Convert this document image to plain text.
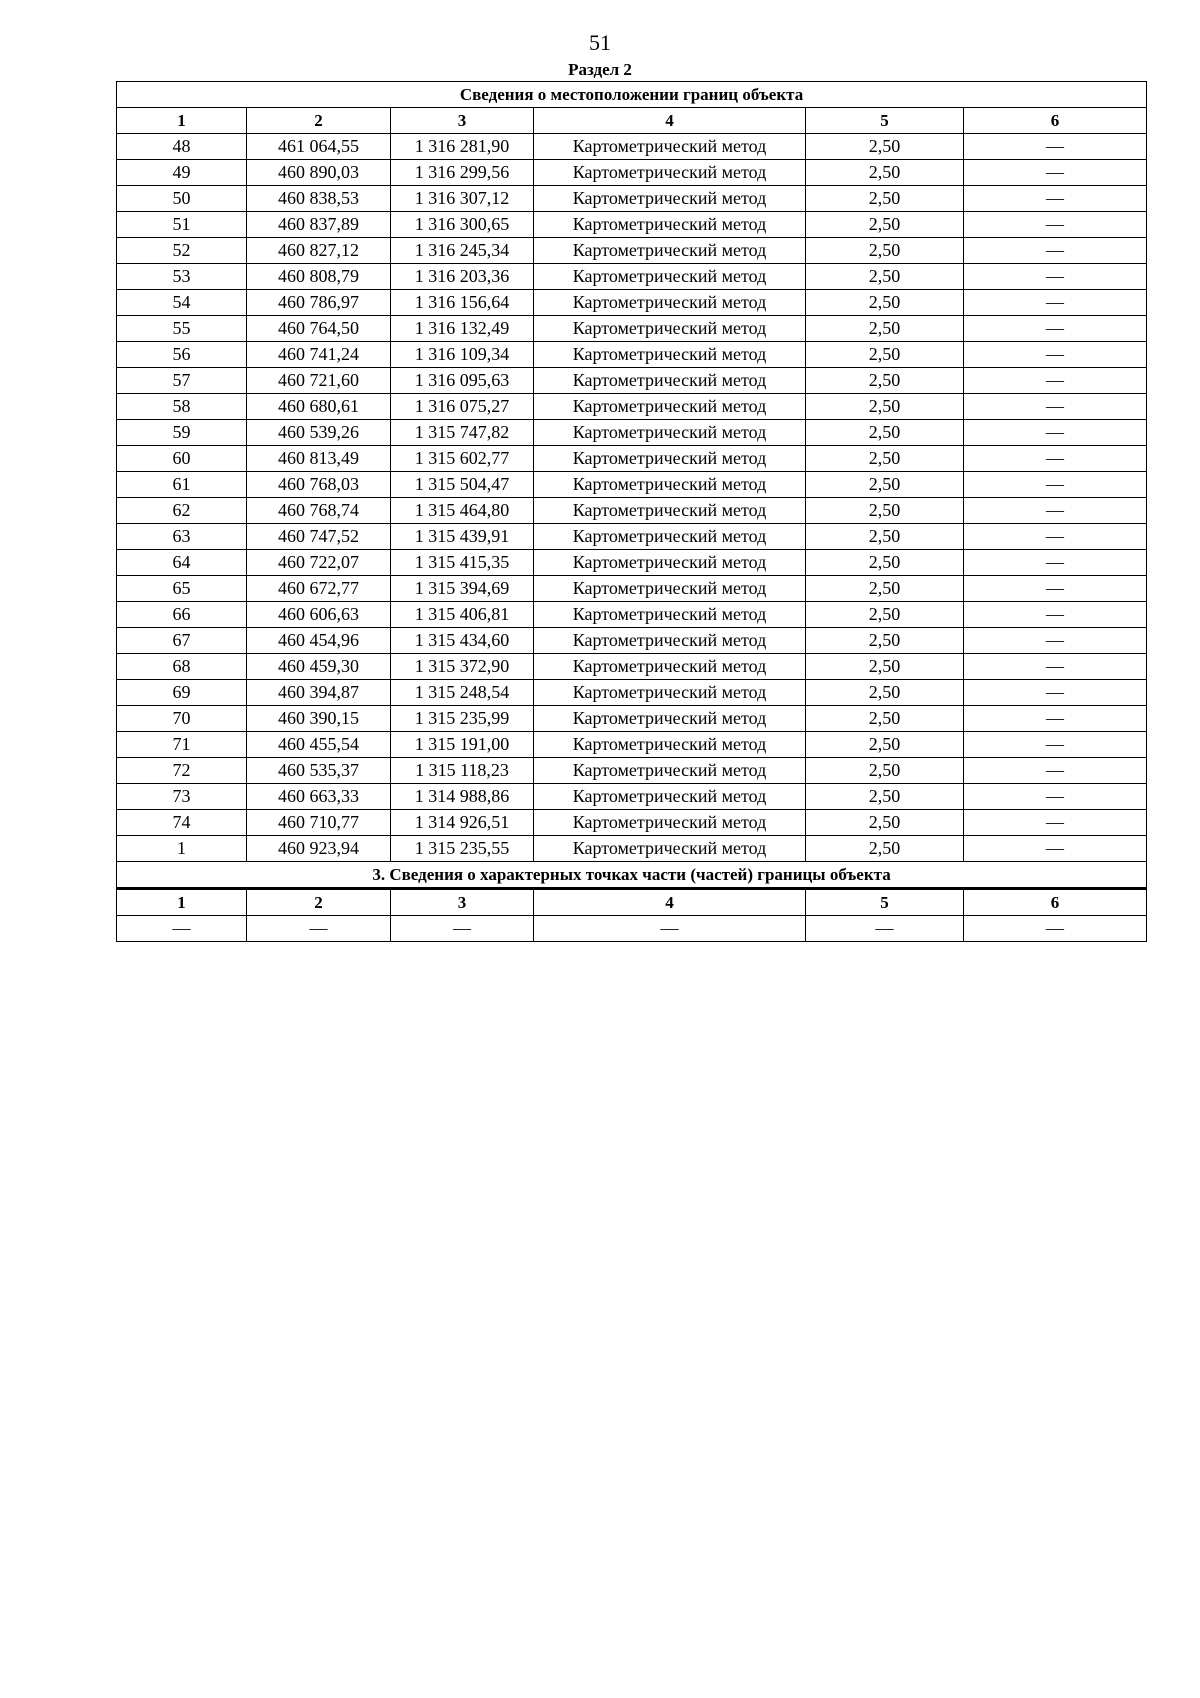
51
Раздел 2
Сведения о местоположении границ объекта					
1	2	3	4	5	6
48	461 064,55	1 316 281,90	Картометрический метод	2,50	—
49	460 890,03	1 316 299,56	Картометрический метод	2,50	—
50	460 838,53	1 316 307,12	Картометрический метод	2,50	—
51	460 837,89	1 316 300,65	Картометрический метод	2,50	—
52	460 827,12	1 316 245,34	Картометрический метод	2,50	—
53	460 808,79	1 316 203,36	Картометрический метод	2,50	—
54	460 786,97	1 316 156,64	Картометрический метод	2,50	—
55	460 764,50	1 316 132,49	Картометрический метод	2,50	—
56	460 741,24	1 316 109,34	Картометрический метод	2,50	—
57	460 721,60	1 316 095,63	Картометрический метод	2,50	—
58	460 680,61	1 316 075,27	Картометрический метод	2,50	—
59	460 539,26	1 315 747,82	Картометрический метод	2,50	—
60	460 813,49	1 315 602,77	Картометрический метод	2,50	—
61	460 768,03	1 315 504,47	Картометрический метод	2,50	—
62	460 768,74	1 315 464,80	Картометрический метод	2,50	—
63	460 747,52	1 315 439,91	Картометрический метод	2,50	—
64	460 722,07	1 315 415,35	Картометрический метод	2,50	—
65	460 672,77	1 315 394,69	Картометрический метод	2,50	—
66	460 606,63	1 315 406,81	Картометрический метод	2,50	—
67	460 454,96	1 315 434,60	Картометрический метод	2,50	—
68	460 459,30	1 315 372,90	Картометрический метод	2,50	—
69	460 394,87	1 315 248,54	Картометрический метод	2,50	—
70	460 390,15	1 315 235,99	Картометрический метод	2,50	—
71	460 455,54	1 315 191,00	Картометрический метод	2,50	—
72	460 535,37	1 315 118,23	Картометрический метод	2,50	—
73	460 663,33	1 314 988,86	Картометрический метод	2,50	—
74	460 710,77	1 314 926,51	Картометрический метод	2,50	—
1	460 923,94	1 315 235,55	Картометрический метод	2,50	—
3. Сведения о характерных точках части (частей) границы объекта					
1	2	3	4	5	6
—	—	—	—	—	—
